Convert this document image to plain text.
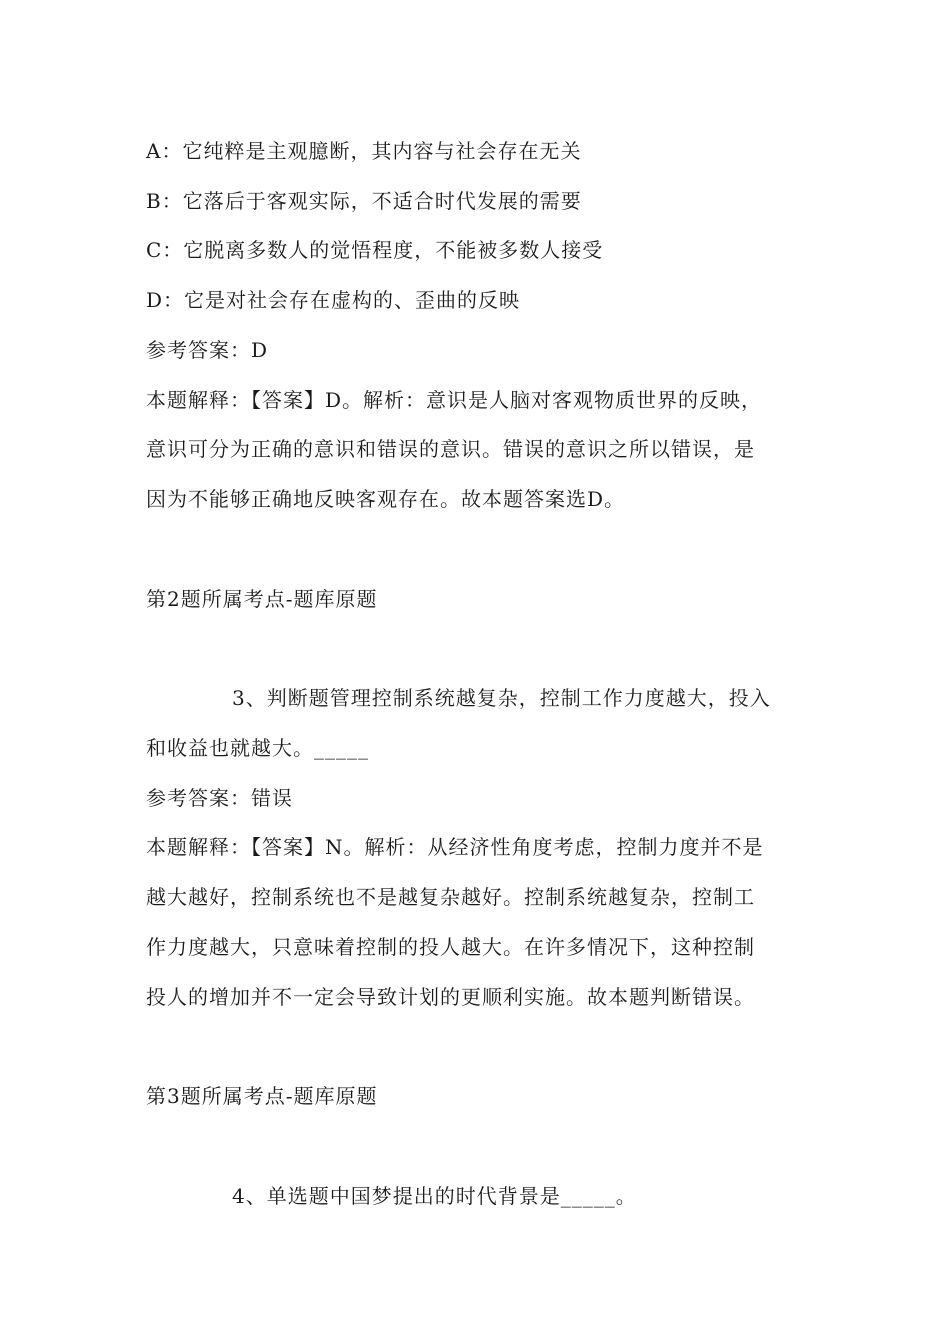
A：它纯粹是主观臆断，其内容与社会存在无关
B：它落后于客观实际，不适合时代发展的需要
C：它脱离多数人的觉悟程度，不能被多数人接受
D：它是对社会存在虚构的、歪曲的反映
参考答案：D
本题解释：【答案】D。解析：意识是人脑对客观物质世界的反映，
意识可分为正确的意识和错误的意识。错误的意识之所以错误，是
因为不能够正确地反映客观存在。故本题答案选D。
第2题所属考点-题库原题
3、判断题管理控制系统越复杂，控制工作力度越大，投入
和收益也就越大。_____
参考答案：错误
本题解释：【答案】N。解析：从经济性角度考虑，控制力度并不是
越大越好，控制系统也不是越复杂越好。控制系统越复杂，控制工
作力度越大，只意味着控制的投人越大。在许多情况下，这种控制
投人的增加并不一定会导致计划的更顺利实施。故本题判断错误。
第3题所属考点-题库原题
4、单选题中国梦提出的时代背景是_____。
